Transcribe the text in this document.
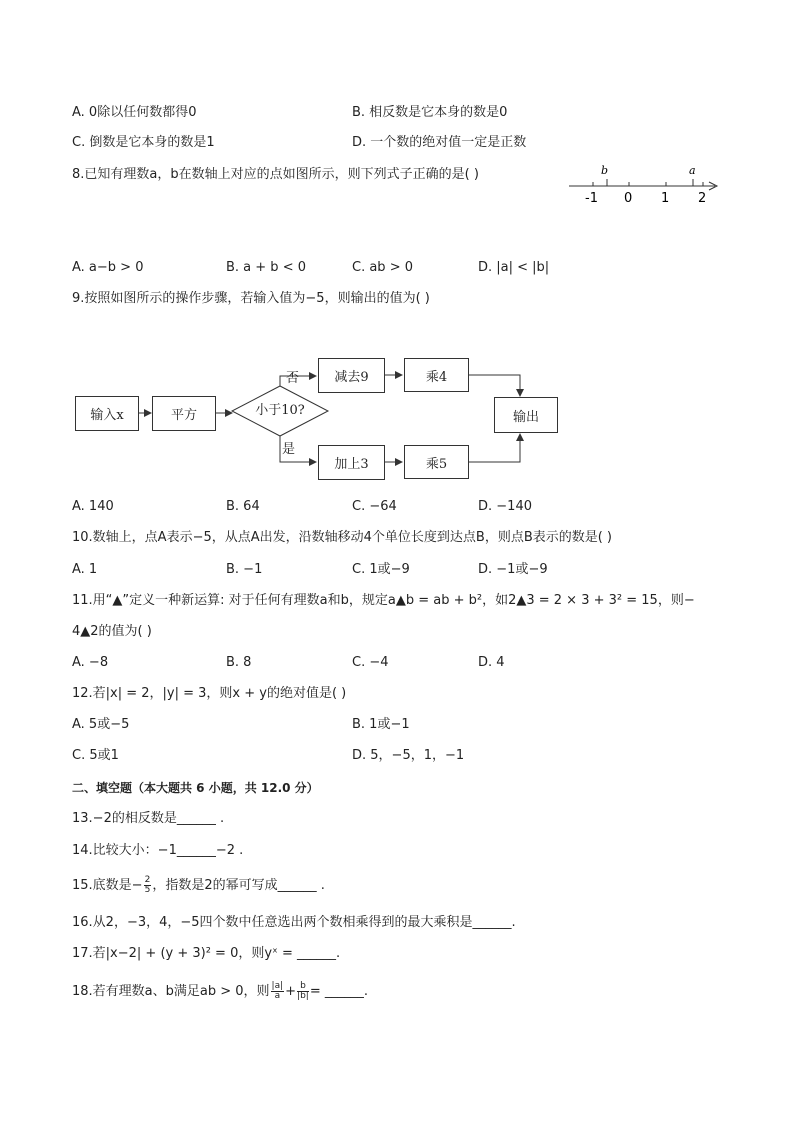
A. 0除以任何数都得0	B. 相反数是它本身的数是0
C. 倒数是它本身的数是1	D. 一个数的绝对值一定是正数
8.已知有理数a，b在数轴上对应的点如图所示，则下列式子正确的是( )	b	a
-1 0 1 2
A. a−b > 0	B. a + b < 0	C. ab > 0	D. |a| < |b|
9.按照如图所示的操作步骤，若输入值为−5，则输出的值为( )
输入x	平方	小于10?
否
是
减去9	乘4
加上3	乘5
输出
A. 140	B. 64	C. −64	D. −140
10.数轴上，点A表示−5，从点A出发，沿数轴移动4个单位长度到达点B，则点B表示的数是( )
A. 1	B. −1	C. 1或−9	D. −1或−9
11.用“▲”定义一种新运算: 对于任何有理数a和b，规定a▲b = ab + b²，如2▲3 = 2 × 3 + 3² = 15，则−
4▲2的值为( )
A. −8	B. 8	C. −4	D. 4
12.若|x| = 2，|y| = 3，则x + y的绝对值是( )
A. 5或−5	B. 1或−1
C. 5或1	D. 5，−5，1，−1
二、填空题（本大题共 6 小题，共 12.0 分）
13.−2的相反数是______ .
14.比较大小：−1______−2 .
15.底数是− $\frac{2}{5}$ ，指数是2的幂可写成______ .
16.从2，−3，4，−5四个数中任意选出两个数相乘得到的最大乘积是______.
17.若|x−2| + (y + 3)² = 0，则yˣ = ______.
18.若有理数a、b满足ab > 0，则 $\frac{|a|}{a} + \frac{b}{|b|}$ = ______.
